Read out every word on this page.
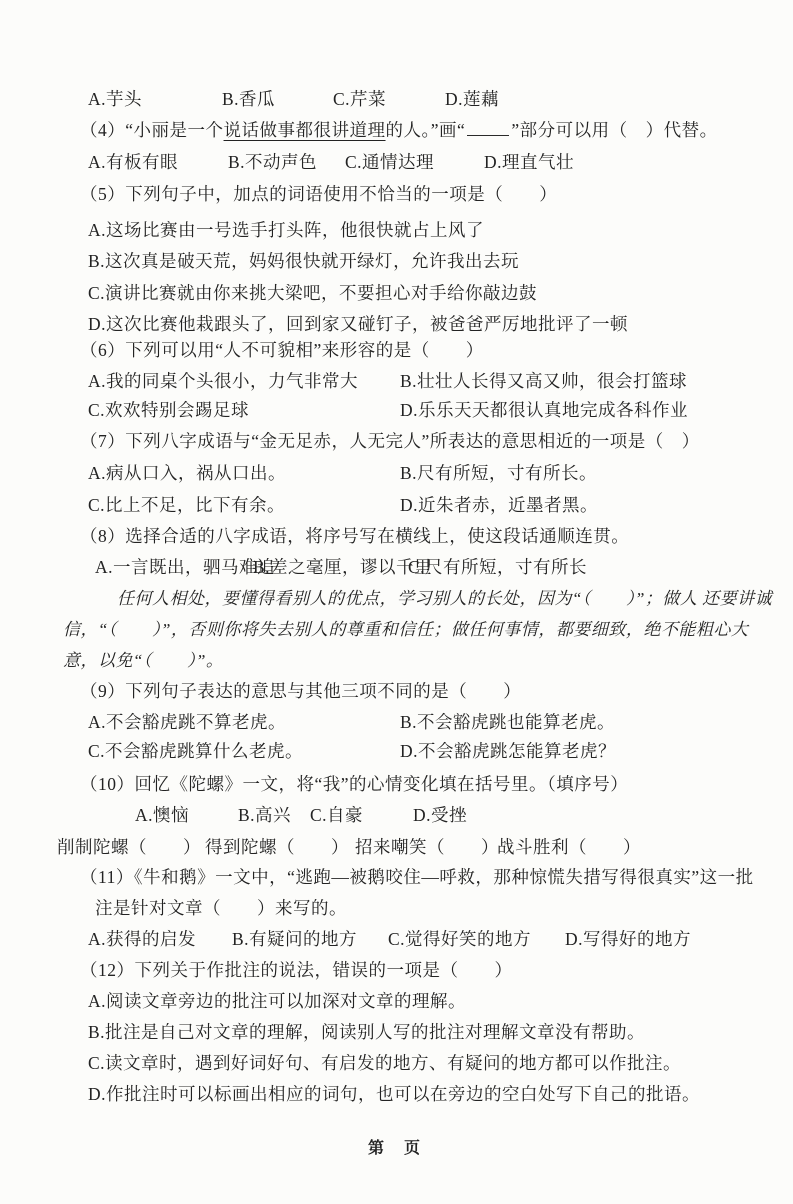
A.芋头	B.香瓜	C.芹菜	D.莲藕
（4）“小丽是一个说话做事都很讲道理的人。”画“	”部分可以用（　）代替。
A.有板有眼	B.不动声色 C.通情达理	D.理直气壮
（5）下列句子中，加点的词语使用不恰当的一项是（　　）
A.这场比赛由一号选手打头阵，他很快就占上风了
B.这次真是破天荒，妈妈很快就开绿灯，允许我出去玩
C.演讲比赛就由你来挑大梁吧，不要担心对手给你敲边鼓
D.这次比赛他栽跟头了，回到家又碰钉子，被爸爸严厉地批评了一顿
（6）下列可以用“人不可貌相”来形容的是（　　）
A.我的同桌个头很小，力气非常大 B.壮壮人长得又高又帅，很会打篮球
C.欢欢特别会踢足球	D.乐乐天天都很认真地完成各科作业
（7）下列八字成语与“金无足赤，人无完人”所表达的意思相近的一项是（　）
A.病从口入，祸从口出。	B.尺有所短，寸有所长。
C.比上不足，比下有余。	D.近朱者赤，近墨者黑。
（8）选择合适的八字成语，将序号写在横线上，使这段话通顺连贯。
A.一言既出，驷马难追
B.差之毫厘，谬以千里
C.尺有所短，寸有所长
任何人相处，要懂得看别人的优点，学习别人的长处，因为“（　　）”；做人 还要讲诚
信，“（　　）”，否则你将失去别人的尊重和信任；做任何事情，都要细致，绝不能粗心大
意，以免“（　　）”。
（9）下列句子表达的意思与其他三项不同的是（　　）
A.不会豁虎跳不算老虎。	B.不会豁虎跳也能算老虎。
C.不会豁虎跳算什么老虎。	D.不会豁虎跳怎能算老虎？
（10）回忆《陀螺》一文，将“我”的心情变化填在括号里。（填序号）
A.懊恼	B.高兴 C.自豪	D.受挫
削制陀螺（　　） 得到陀螺（　　） 招来嘲笑（　　）
战斗胜利（　　）
（11）《牛和鹅》一文中，“逃跑—被鹅咬住—呼救，那种惊慌失措写得很真实”这一批
注是针对文章（　　）来写的。
A.获得的启发 B.有疑问的地方 C.觉得好笑的地方 D.写得好的地方
（12）下列关于作批注的说法，错误的一项是（　　）
A.阅读文章旁边的批注可以加深对文章的理解。
B.批注是自己对文章的理解，阅读别人写的批注对理解文章没有帮助。
C.读文章时，遇到好词好句、有启发的地方、有疑问的地方都可以作批注。
D.作批注时可以标画出相应的词句，也可以在旁边的空白处写下自己的批语。
第　页
